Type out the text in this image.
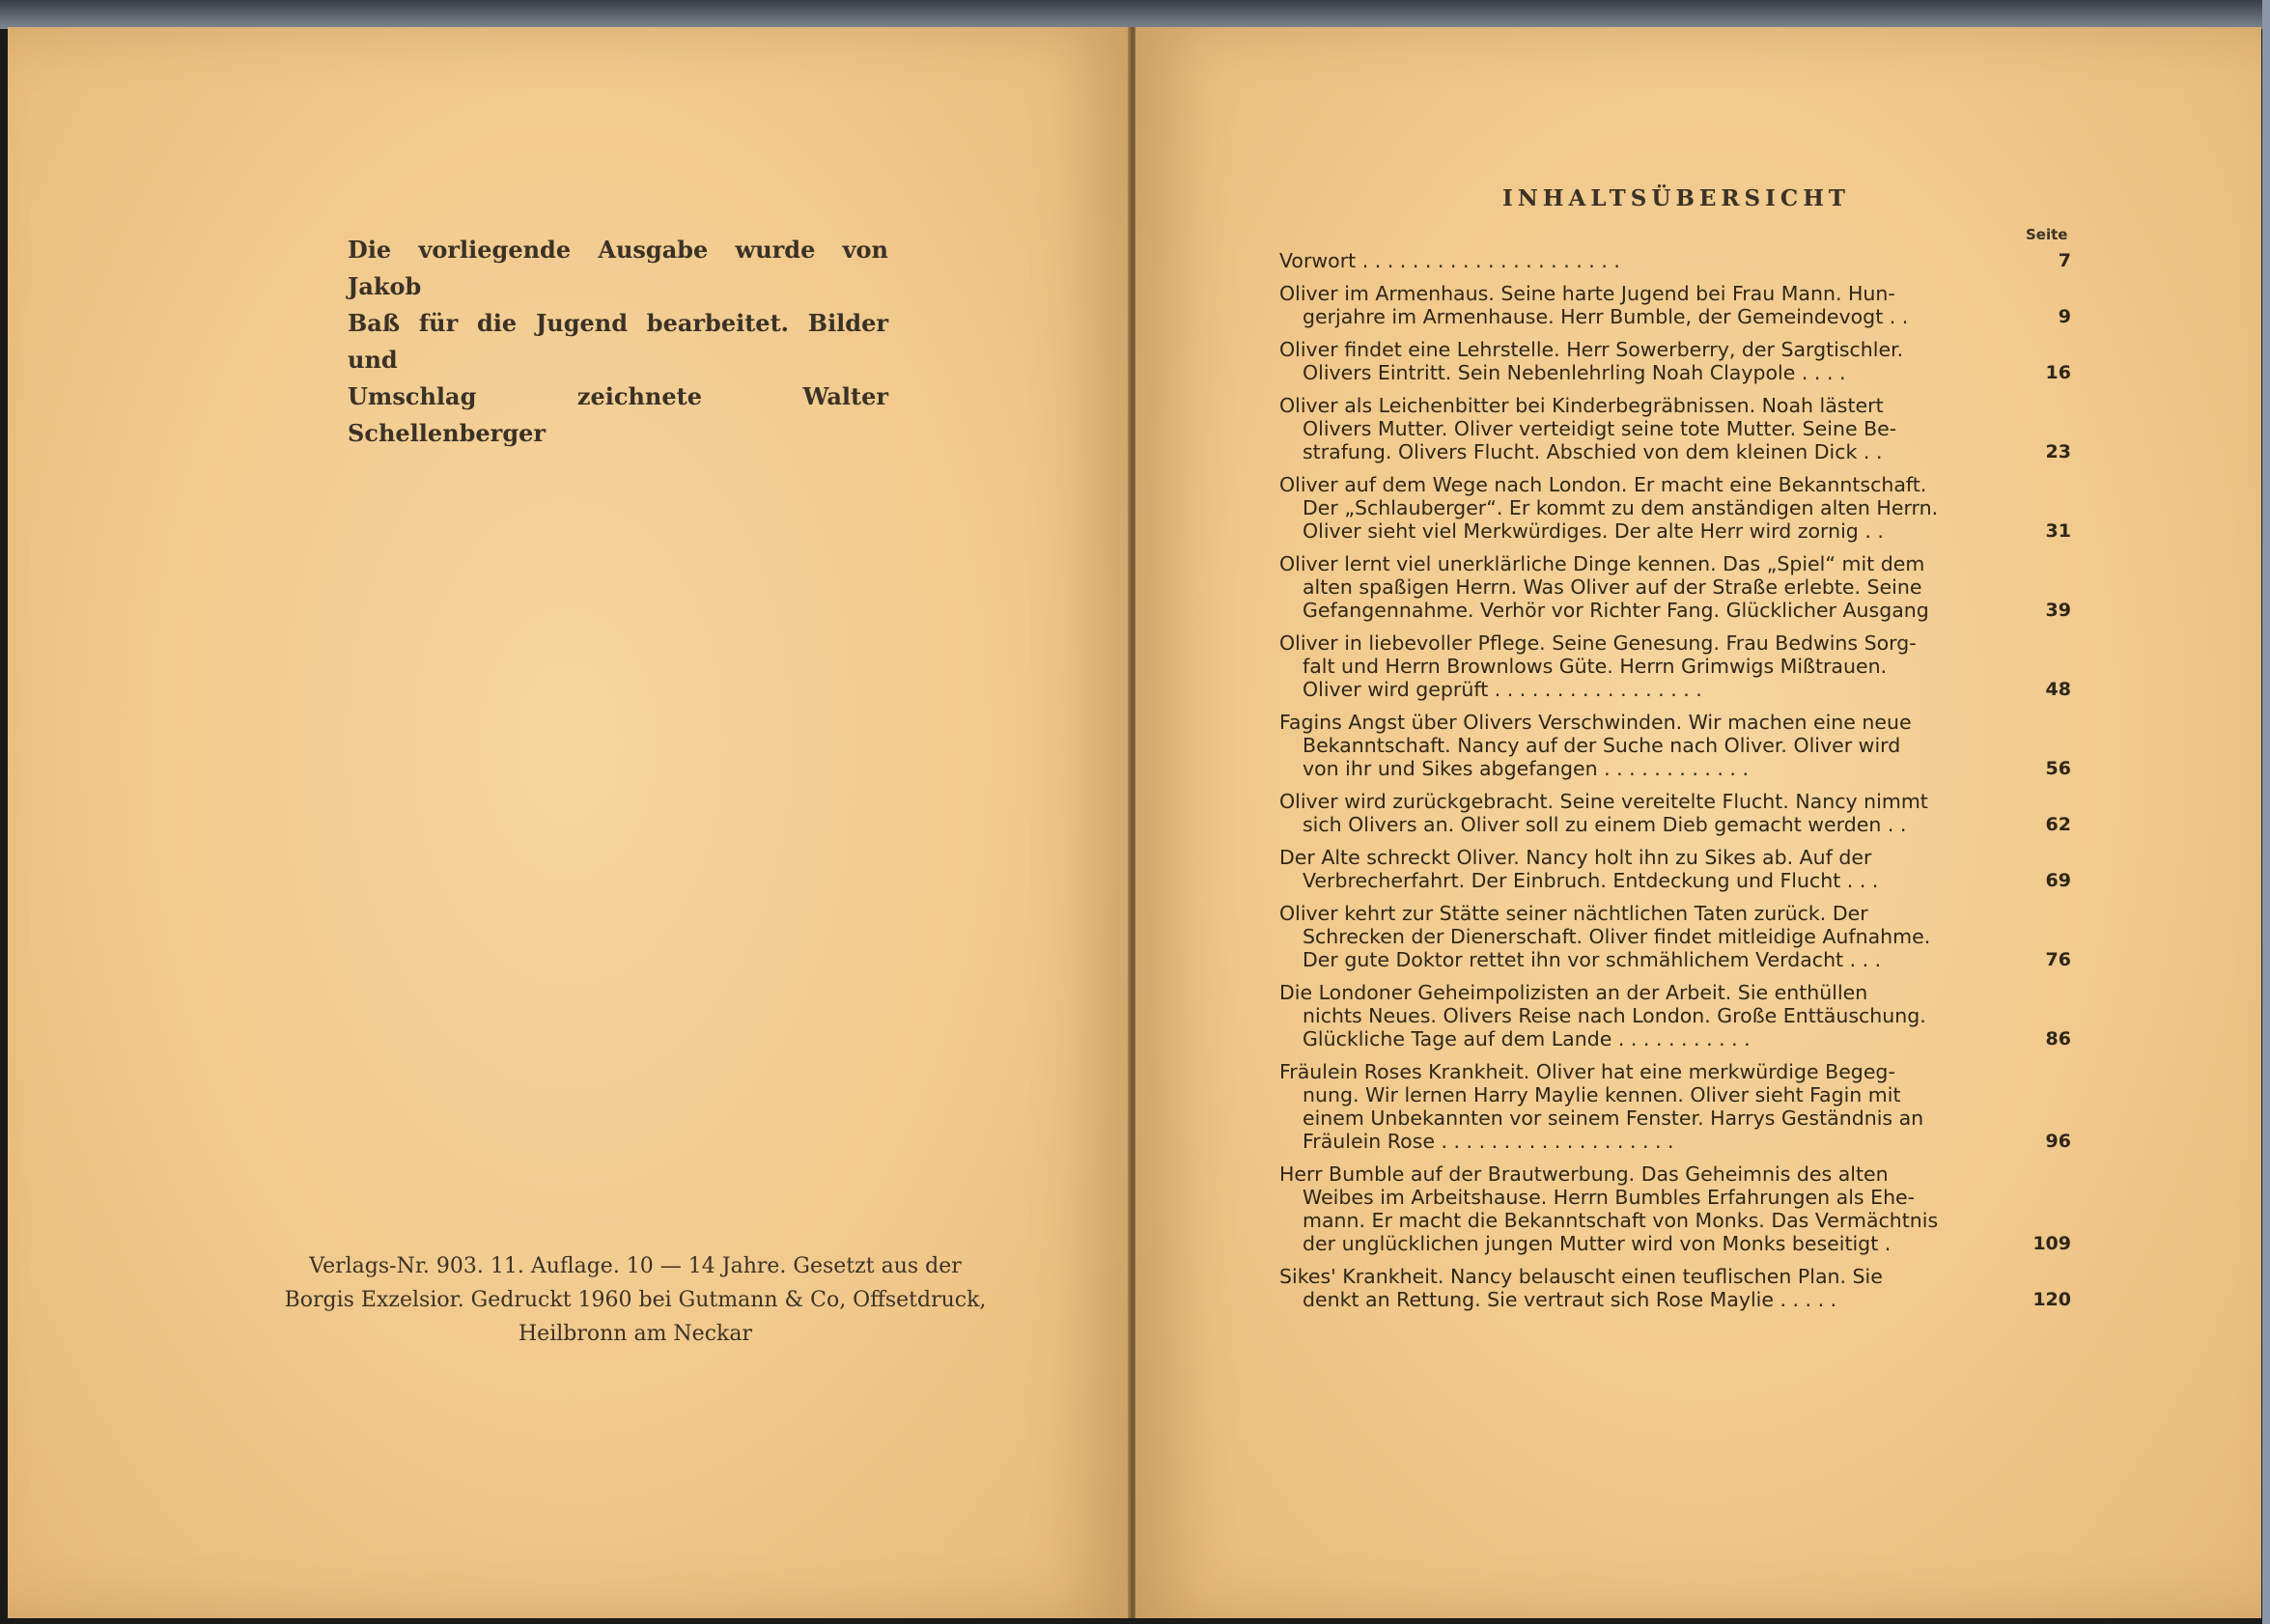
Die vorliegende Ausgabe wurde von Jakob
Baß für die Jugend bearbeitet. Bilder und
Umschlag zeichnete Walter Schellenberger
Verlags-Nr. 903. 11. Auflage. 10 — 14 Jahre. Gesetzt aus der
Borgis Exzelsior. Gedruckt 1960 bei Gutmann & Co, Offsetdruck,
Heilbronn am Neckar
INHALTSÜBERSICHT
Seite
Vorwort . . . . . . . . . . . . . . . . . . . . .	7
Oliver im Armenhaus. Seine harte Jugend bei Frau Mann. Hun-
gerjahre im Armenhause. Herr Bumble, der Gemeindevogt . .	9
Oliver findet eine Lehrstelle. Herr Sowerberry, der Sargtischler.
Olivers Eintritt. Sein Nebenlehrling Noah Claypole . . . .	16
Oliver als Leichenbitter bei Kinderbegräbnissen. Noah lästert
Olivers Mutter. Oliver verteidigt seine tote Mutter. Seine Be-
strafung. Olivers Flucht. Abschied von dem kleinen Dick . .	23
Oliver auf dem Wege nach London. Er macht eine Bekanntschaft.
Der „Schlauberger“. Er kommt zu dem anständigen alten Herrn.
Oliver sieht viel Merkwürdiges. Der alte Herr wird zornig . .	31
Oliver lernt viel unerklärliche Dinge kennen. Das „Spiel“ mit dem
alten spaßigen Herrn. Was Oliver auf der Straße erlebte. Seine
Gefangennahme. Verhör vor Richter Fang. Glücklicher Ausgang	39
Oliver in liebevoller Pflege. Seine Genesung. Frau Bedwins Sorg-
falt und Herrn Brownlows Güte. Herrn Grimwigs Mißtrauen.
Oliver wird geprüft . . . . . . . . . . . . . . . . .	48
Fagins Angst über Olivers Verschwinden. Wir machen eine neue
Bekanntschaft. Nancy auf der Suche nach Oliver. Oliver wird
von ihr und Sikes abgefangen . . . . . . . . . . . .	56
Oliver wird zurückgebracht. Seine vereitelte Flucht. Nancy nimmt
sich Olivers an. Oliver soll zu einem Dieb gemacht werden . .	62
Der Alte schreckt Oliver. Nancy holt ihn zu Sikes ab. Auf der
Verbrecherfahrt. Der Einbruch. Entdeckung und Flucht . . .	69
Oliver kehrt zur Stätte seiner nächtlichen Taten zurück. Der
Schrecken der Dienerschaft. Oliver findet mitleidige Aufnahme.
Der gute Doktor rettet ihn vor schmählichem Verdacht . . .	76
Die Londoner Geheimpolizisten an der Arbeit. Sie enthüllen
nichts Neues. Olivers Reise nach London. Große Enttäuschung.
Glückliche Tage auf dem Lande . . . . . . . . . . .	86
Fräulein Roses Krankheit. Oliver hat eine merkwürdige Begeg-
nung. Wir lernen Harry Maylie kennen. Oliver sieht Fagin mit
einem Unbekannten vor seinem Fenster. Harrys Geständnis an
Fräulein Rose . . . . . . . . . . . . . . . . . . .	96
Herr Bumble auf der Brautwerbung. Das Geheimnis des alten
Weibes im Arbeitshause. Herrn Bumbles Erfahrungen als Ehe-
mann. Er macht die Bekanntschaft von Monks. Das Vermächtnis
der unglücklichen jungen Mutter wird von Monks beseitigt .	109
Sikes' Krankheit. Nancy belauscht einen teuflischen Plan. Sie
denkt an Rettung. Sie vertraut sich Rose Maylie . . . . .	120
